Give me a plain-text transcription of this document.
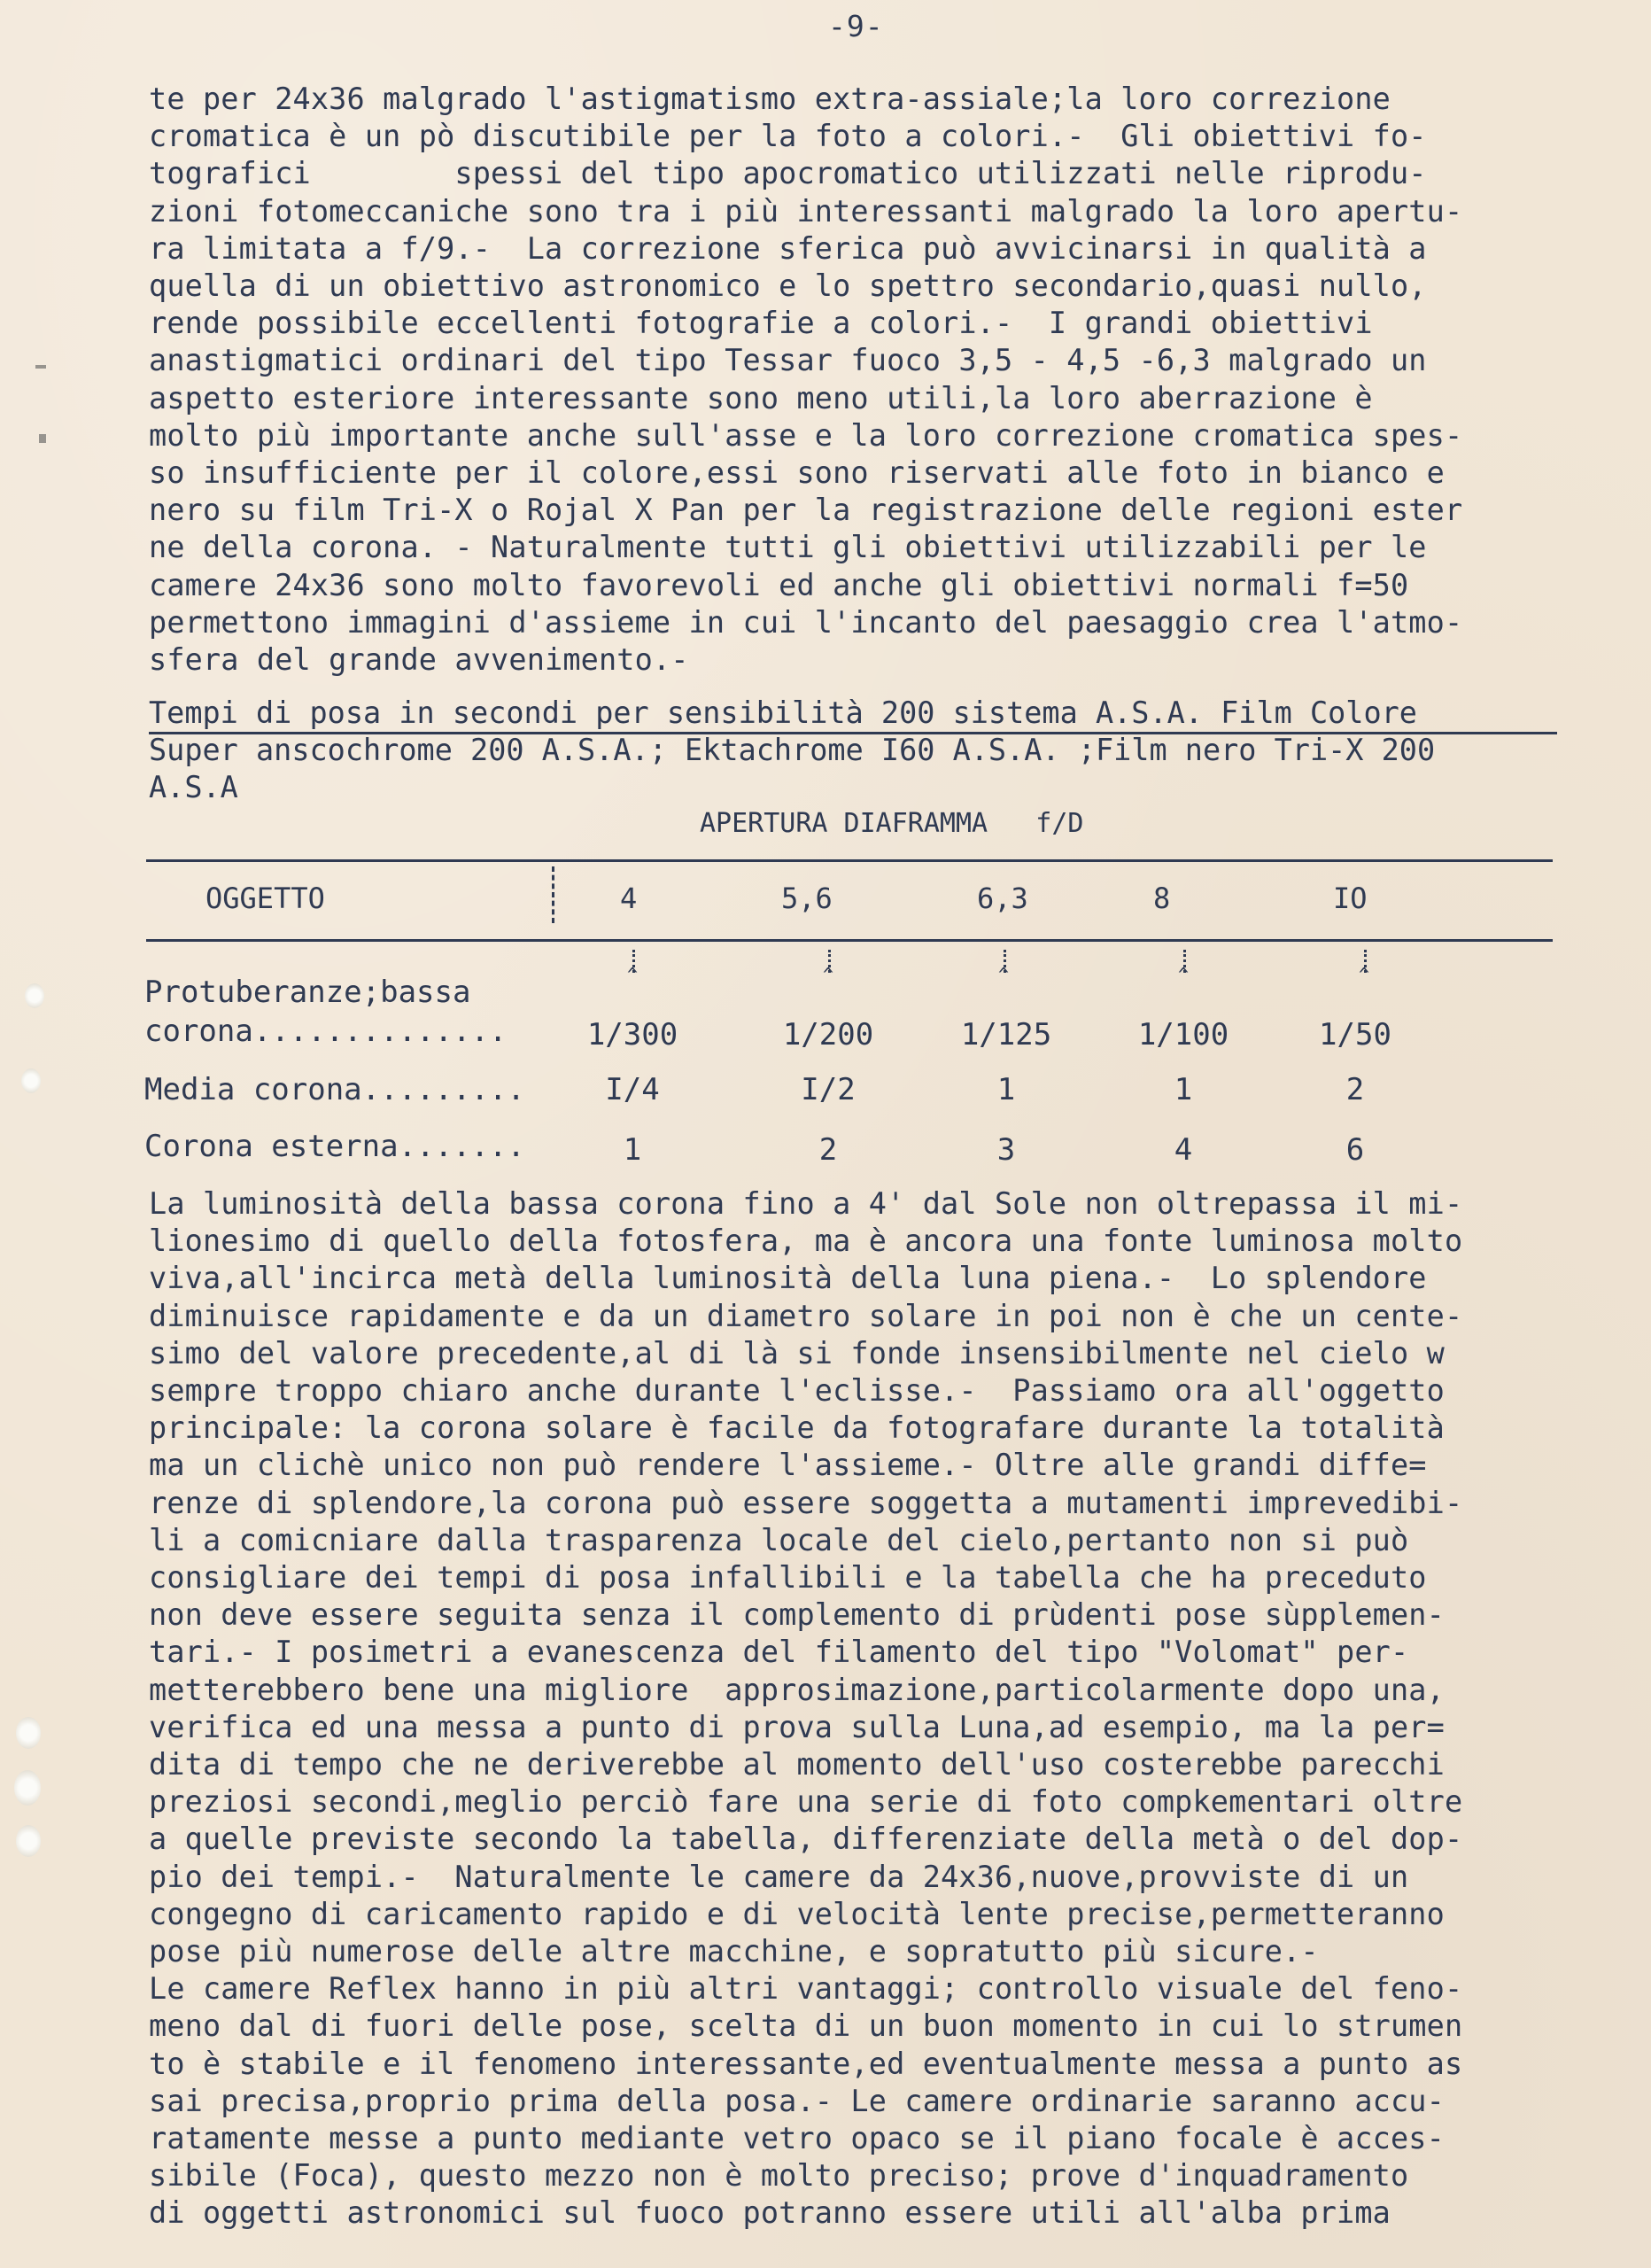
-9-
te per 24x36 malgrado l'astigmatismo extra-assiale;la loro correzione
cromatica è un pò discutibile per la foto a colori.-  Gli obiettivi fo-
tografici        spessi del tipo apocromatico utilizzati nelle riprodu-
zioni fotomeccaniche sono tra i più interessanti malgrado la loro apertu-
ra limitata a f/9.-  La correzione sferica può avvicinarsi in qualità a
quella di un obiettivo astronomico e lo spettro secondario,quasi nullo,
rende possibile eccellenti fotografie a colori.-  I grandi obiettivi
anastigmatici ordinari del tipo Tessar fuoco 3,5 - 4,5 -6,3 malgrado un
aspetto esteriore interessante sono meno utili,la loro aberrazione è
molto più importante anche sull'asse e la loro correzione cromatica spes-
so insufficiente per il colore,essi sono riservati alle foto in bianco e
nero su film Tri-X o Rojal X Pan per la registrazione delle regioni ester
ne della corona. - Naturalmente tutti gli obiettivi utilizzabili per le
camere 24x36 sono molto favorevoli ed anche gli obiettivi normali f=50
permettono immagini d'assieme in cui l'incanto del paesaggio crea l'atmo-
sfera del grande avvenimento.-
Tempi di posa in secondi per sensibilità 200 sistema A.S.A. Film Colore
Super anscochrome 200 A.S.A.; Ektachrome I60 A.S.A. ;Film nero Tri-X 200
A.S.A
APERTURA DIAFRAMMA   f/D
OGGETTO	4	5,6	6,3	8	IO
^
^
^
^
^
Protuberanze;bassa
corona..............	1/300	1/200	1/125	1/100	1/50
Media corona.........	I/4	I/2	1	1	2
Corona esterna.......	1	2	3	4	6
La luminosità della bassa corona fino a 4' dal Sole non oltrepassa il mi-
lionesimo di quello della fotosfera, ma è ancora una fonte luminosa molto
viva,all'incirca metà della luminosità della luna piena.-  Lo splendore
diminuisce rapidamente e da un diametro solare in poi non è che un cente-
simo del valore precedente,al di là si fonde insensibilmente nel cielo w
sempre troppo chiaro anche durante l'eclisse.-  Passiamo ora all'oggetto
principale: la corona solare è facile da fotografare durante la totalità
ma un clichè unico non può rendere l'assieme.- Oltre alle grandi diffe=
renze di splendore,la corona può essere soggetta a mutamenti imprevedibi-
li a comicniare dalla trasparenza locale del cielo,pertanto non si può
consigliare dei tempi di posa infallibili e la tabella che ha preceduto
non deve essere seguita senza il complemento di prùdenti pose sùpplemen-
tari.- I posimetri a evanescenza del filamento del tipo "Volomat" per-
metterebbero bene una migliore  approsimazione,particolarmente dopo una,
verifica ed una messa a punto di prova sulla Luna,ad esempio, ma la per=
dita di tempo che ne deriverebbe al momento dell'uso costerebbe parecchi
preziosi secondi,meglio perciò fare una serie di foto compkementari oltre
a quelle previste secondo la tabella, differenziate della metà o del dop-
pio dei tempi.-  Naturalmente le camere da 24x36,nuove,provviste di un
congegno di caricamento rapido e di velocità lente precise,permetteranno
pose più numerose delle altre macchine, e sopratutto più sicure.-
Le camere Reflex hanno in più altri vantaggi; controllo visuale del feno-
meno dal di fuori delle pose, scelta di un buon momento in cui lo strumen
to è stabile e il fenomeno interessante,ed eventualmente messa a punto as
sai precisa,proprio prima della posa.- Le camere ordinarie saranno accu-
ratamente messe a punto mediante vetro opaco se il piano focale è acces-
sibile (Foca), questo mezzo non è molto preciso; prove d'inquadramento
di oggetti astronomici sul fuoco potranno essere utili all'alba prima
